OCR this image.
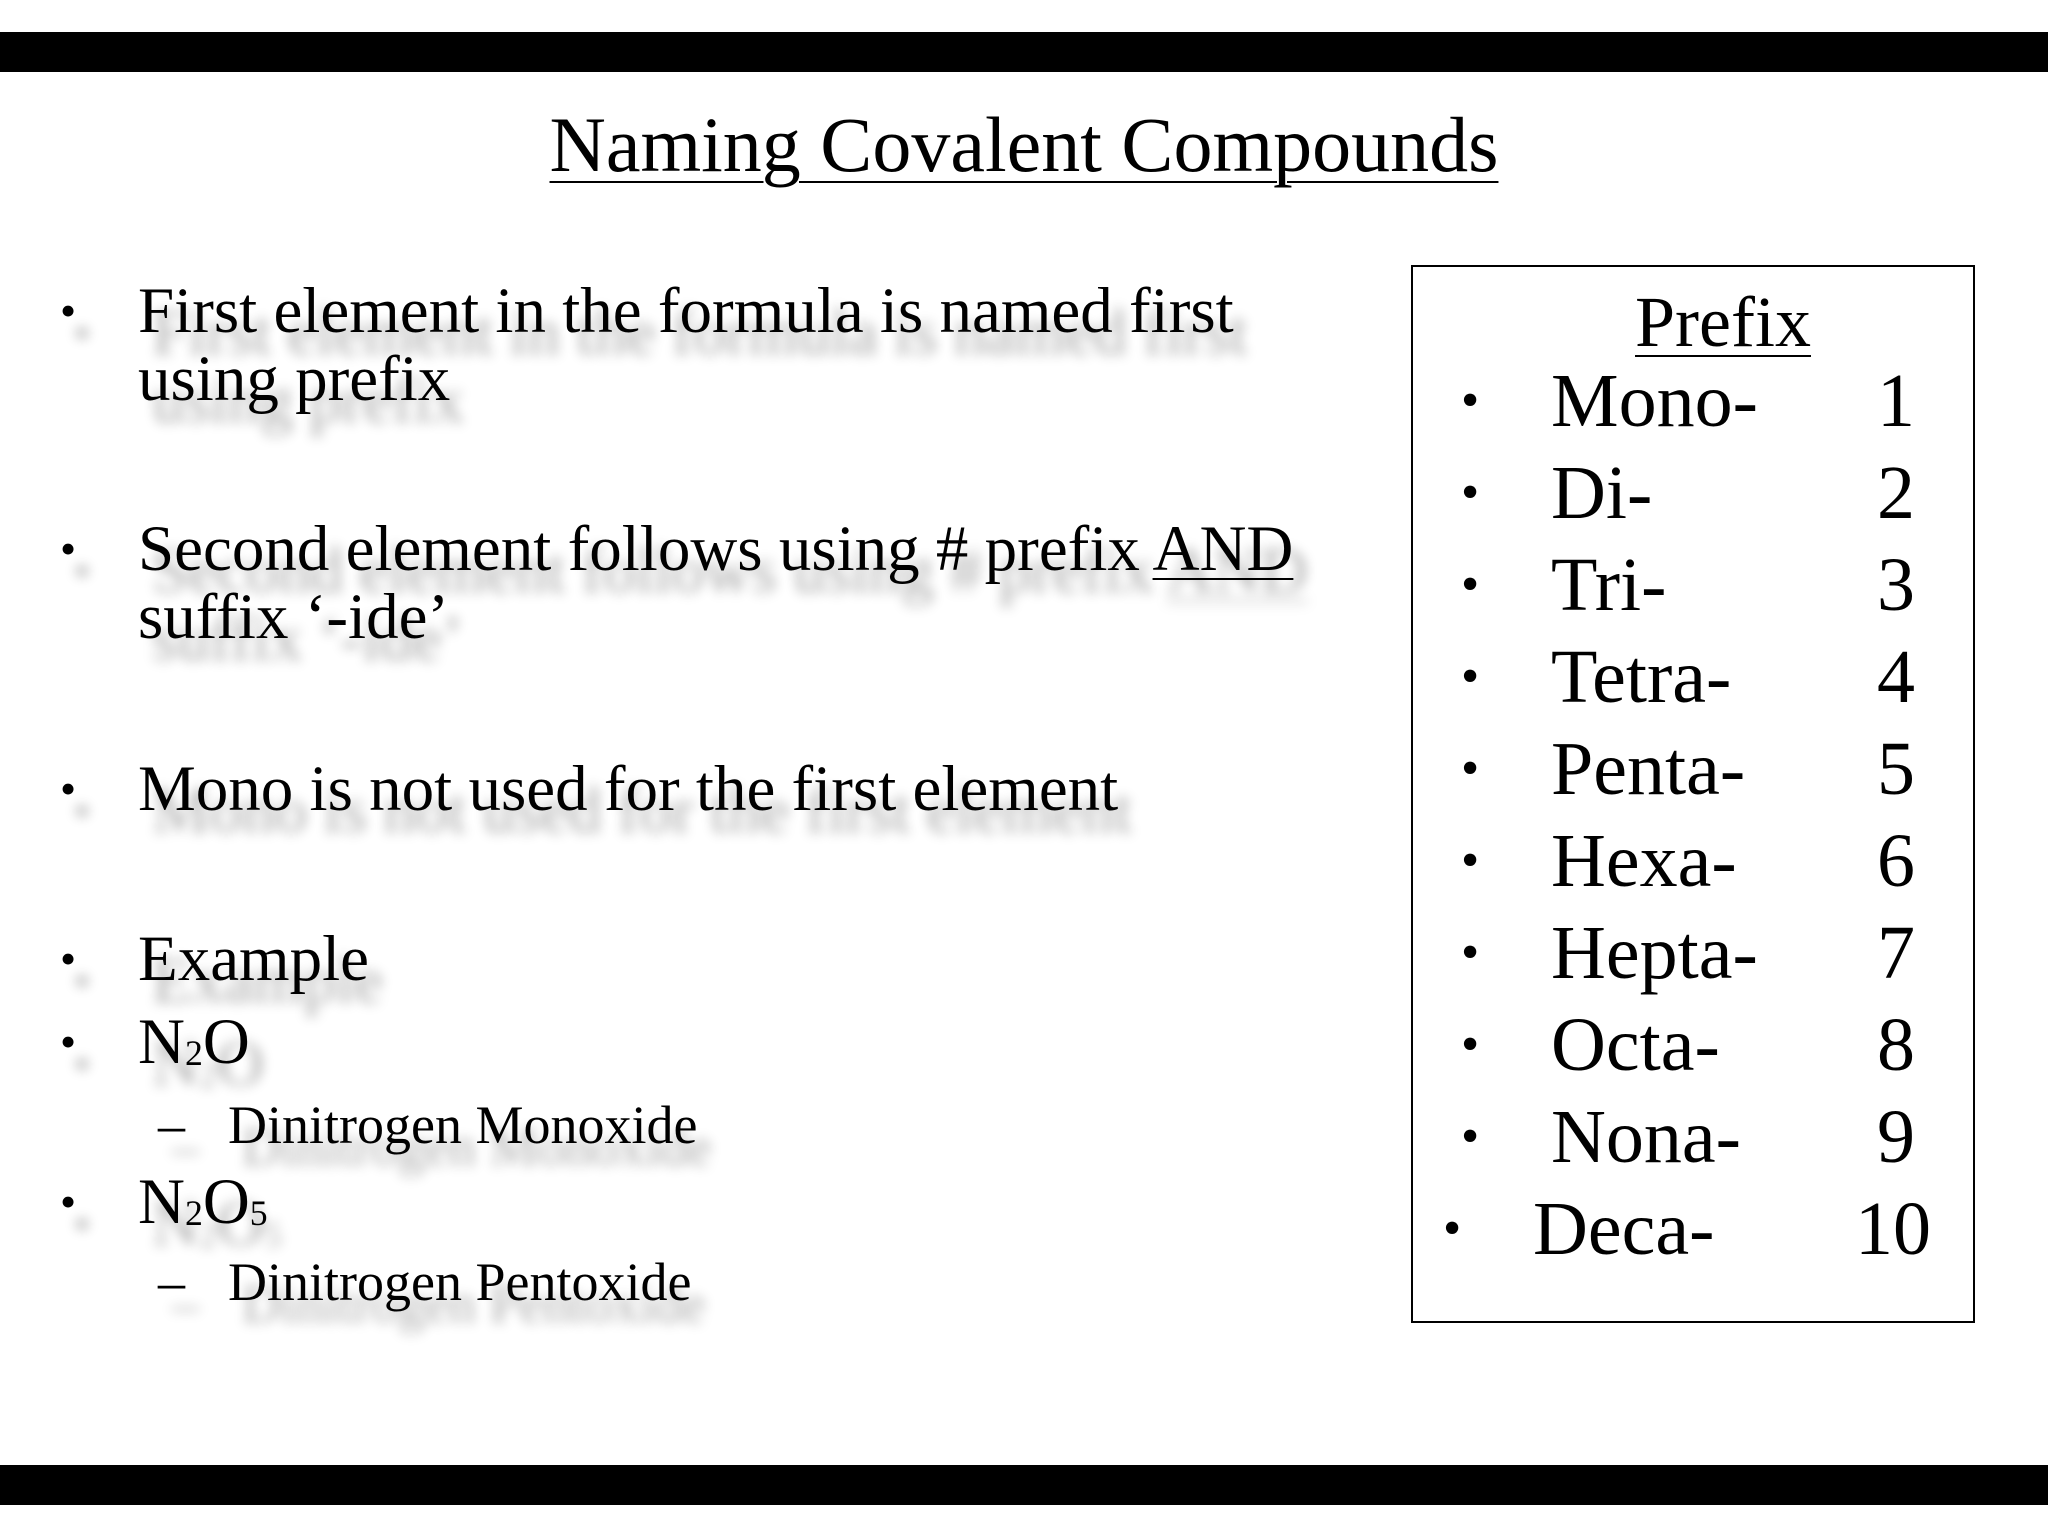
Naming Covalent Compounds
• First element in the formula is named first
using prefix
• Second element follows using # prefix AND
suffix ‘-ide’
• Mono is not used for the first element
• Example
• $N_2O$
– Dinitrogen Monoxide
• $N_2O_5$
– Dinitrogen Pentoxide
Prefix
• Mono- 1
• Di-	2
• Tri-	3
• Tetra- 4
• Penta- 5
• Hexa- 6
• Hepta- 7
• Octa- 8
• Nona- 9
• Deca- 10
